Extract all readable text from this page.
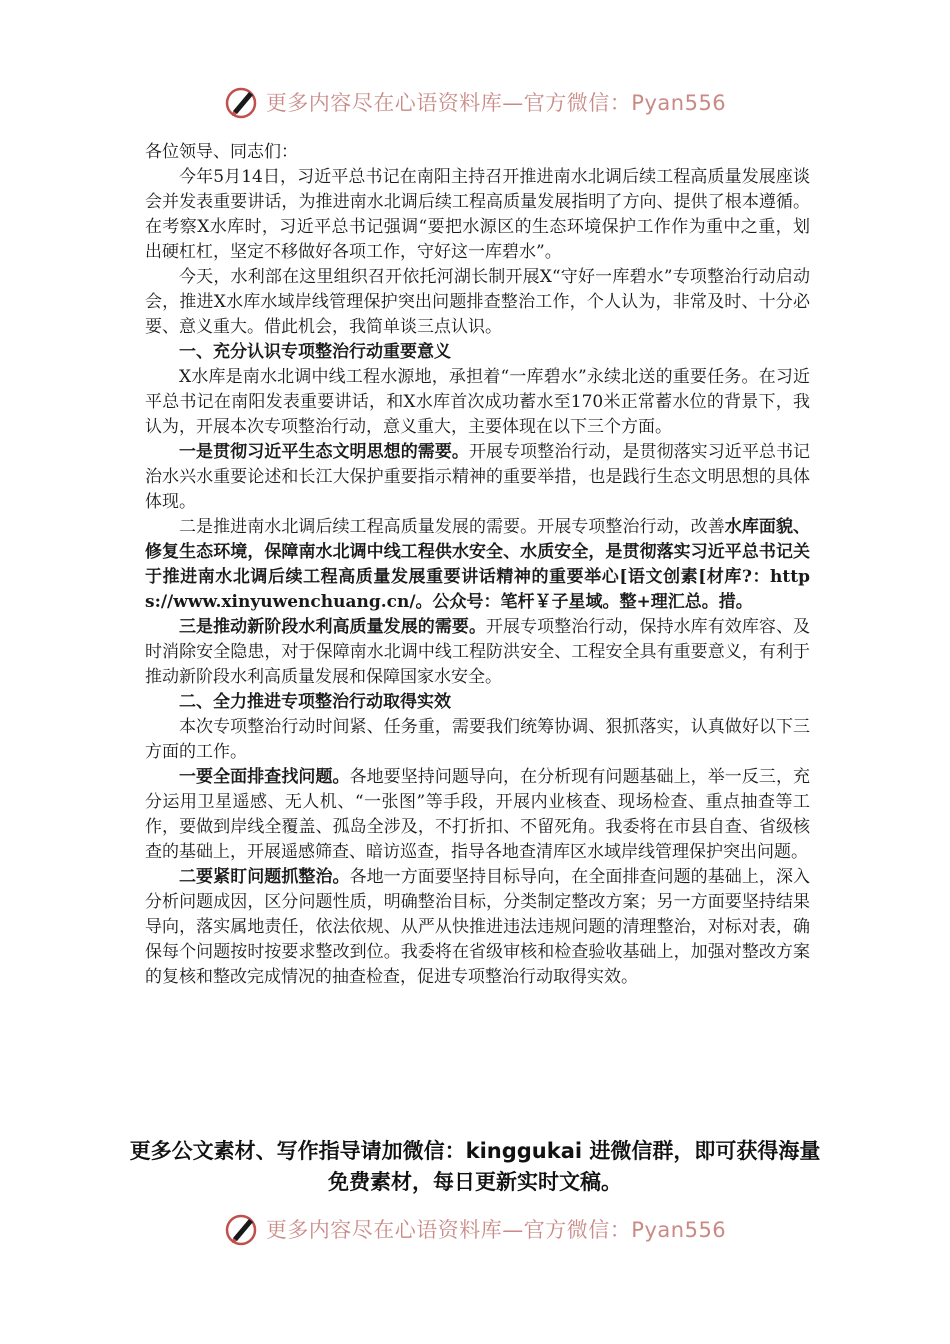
更多内容尽在心语资料库—官方微信：Pyan556

各位领导、同志们：

今年5月14日，习近平总书记在南阳主持召开推进南水北调后续工程高质量发展座谈会并发表重要讲话，为推进南水北调后续工程高质量发展指明了方向、提供了根本遵循。在考察X水库时，习近平总书记强调“要把水源区的生态环境保护工作作为重中之重，划出硬杠杠，坚定不移做好各项工作，守好这一库碧水”。

今天，水利部在这里组织召开依托河湖长制开展X“守好一库碧水”专项整治行动启动会，推进X水库水域岸线管理保护突出问题排查整治工作，个人认为，非常及时、十分必要、意义重大。借此机会，我简单谈三点认识。

一、充分认识专项整治行动重要意义

X水库是南水北调中线工程水源地，承担着“一库碧水”永续北送的重要任务。在习近平总书记在南阳发表重要讲话，和X水库首次成功蓄水至170米正常蓄水位的背景下，我认为，开展本次专项整治行动，意义重大，主要体现在以下三个方面。

一是贯彻习近平生态文明思想的需要。开展专项整治行动，是贯彻落实习近平总书记治水兴水重要论述和长江大保护重要指示精神的重要举措，也是践行生态文明思想的具体体现。

二是推进南水北调后续工程高质量发展的需要。开展专项整治行动，改善水库面貌、修复生态环境，保障南水北调中线工程供水安全、水质安全，是贯彻落实习近平总书记关于推进南水北调后续工程高质量发展重要讲话精神的重要举心[语文创素[材库?：https://www.xinyuwenchuang.cn/。公众号：笔杆￥子星域。整+理汇总。措。

三是推动新阶段水利高质量发展的需要。开展专项整治行动，保持水库有效库容、及时消除安全隐患，对于保障南水北调中线工程防洪安全、工程安全具有重要意义，有利于推动新阶段水利高质量发展和保障国家水安全。

二、全力推进专项整治行动取得实效

本次专项整治行动时间紧、任务重，需要我们统筹协调、狠抓落实，认真做好以下三方面的工作。

一要全面排查找问题。各地要坚持问题导向，在分析现有问题基础上，举一反三，充分运用卫星遥感、无人机、“一张图”等手段，开展内业核查、现场检查、重点抽查等工作，要做到岸线全覆盖、孤岛全涉及，不打折扣、不留死角。我委将在市县自查、省级核查的基础上，开展遥感筛查、暗访巡查，指导各地查清库区水域岸线管理保护突出问题。

二要紧盯问题抓整治。各地一方面要坚持目标导向，在全面排查问题的基础上，深入分析问题成因，区分问题性质，明确整治目标，分类制定整改方案；另一方面要坚持结果导向，落实属地责任，依法依规、从严从快推进违法违规问题的清理整治，对标对表，确保每个问题按时按要求整改到位。我委将在省级审核和检查验收基础上，加强对整改方案的复核和整改完成情况的抽查检查，促进专项整治行动取得实效。

更多公文素材、写作指导请加微信：kinggukai 进微信群，即可获得海量免费素材，每日更新实时文稿。
更多内容尽在心语资料库—官方微信：Pyan556
